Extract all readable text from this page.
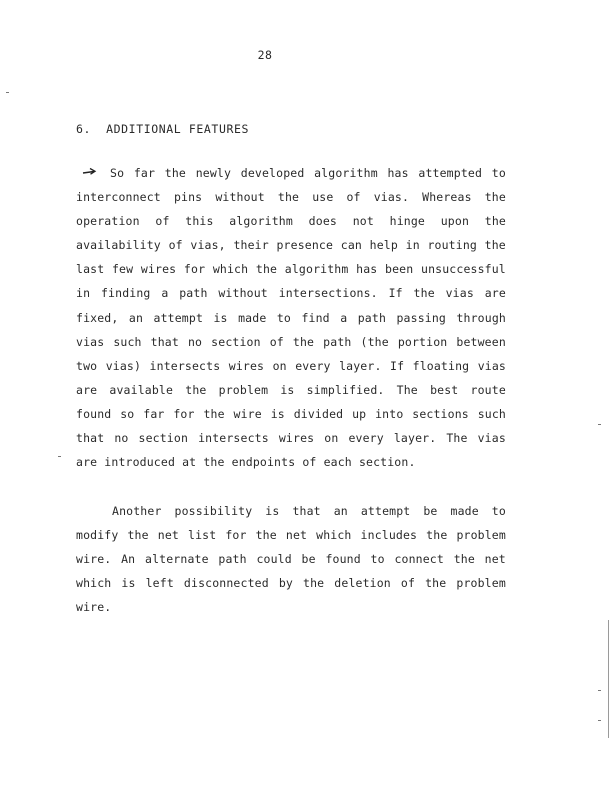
28
6.  ADDITIONAL FEATURES
So far the newly developed algorithm has attempted to
interconnect pins without the use of vias. Whereas the
operation of this algorithm does not hinge upon the
availability of vias, their presence can help in routing the
last few wires for which the algorithm has been unsuccessful
in finding a path without intersections. If the vias are
fixed, an attempt is made to find a path passing through
vias such that no section of the path (the portion between
two vias) intersects wires on every layer. If floating vias
are available the problem is simplified. The best route
found so far for the wire is divided up into sections such
that no section intersects wires on every layer. The vias
are introduced at the endpoints of each section.
Another possibility is that an attempt be made to
modify the net list for the net which includes the problem
wire. An alternate path could be found to connect the net
which is left disconnected by the deletion of the problem
wire.
